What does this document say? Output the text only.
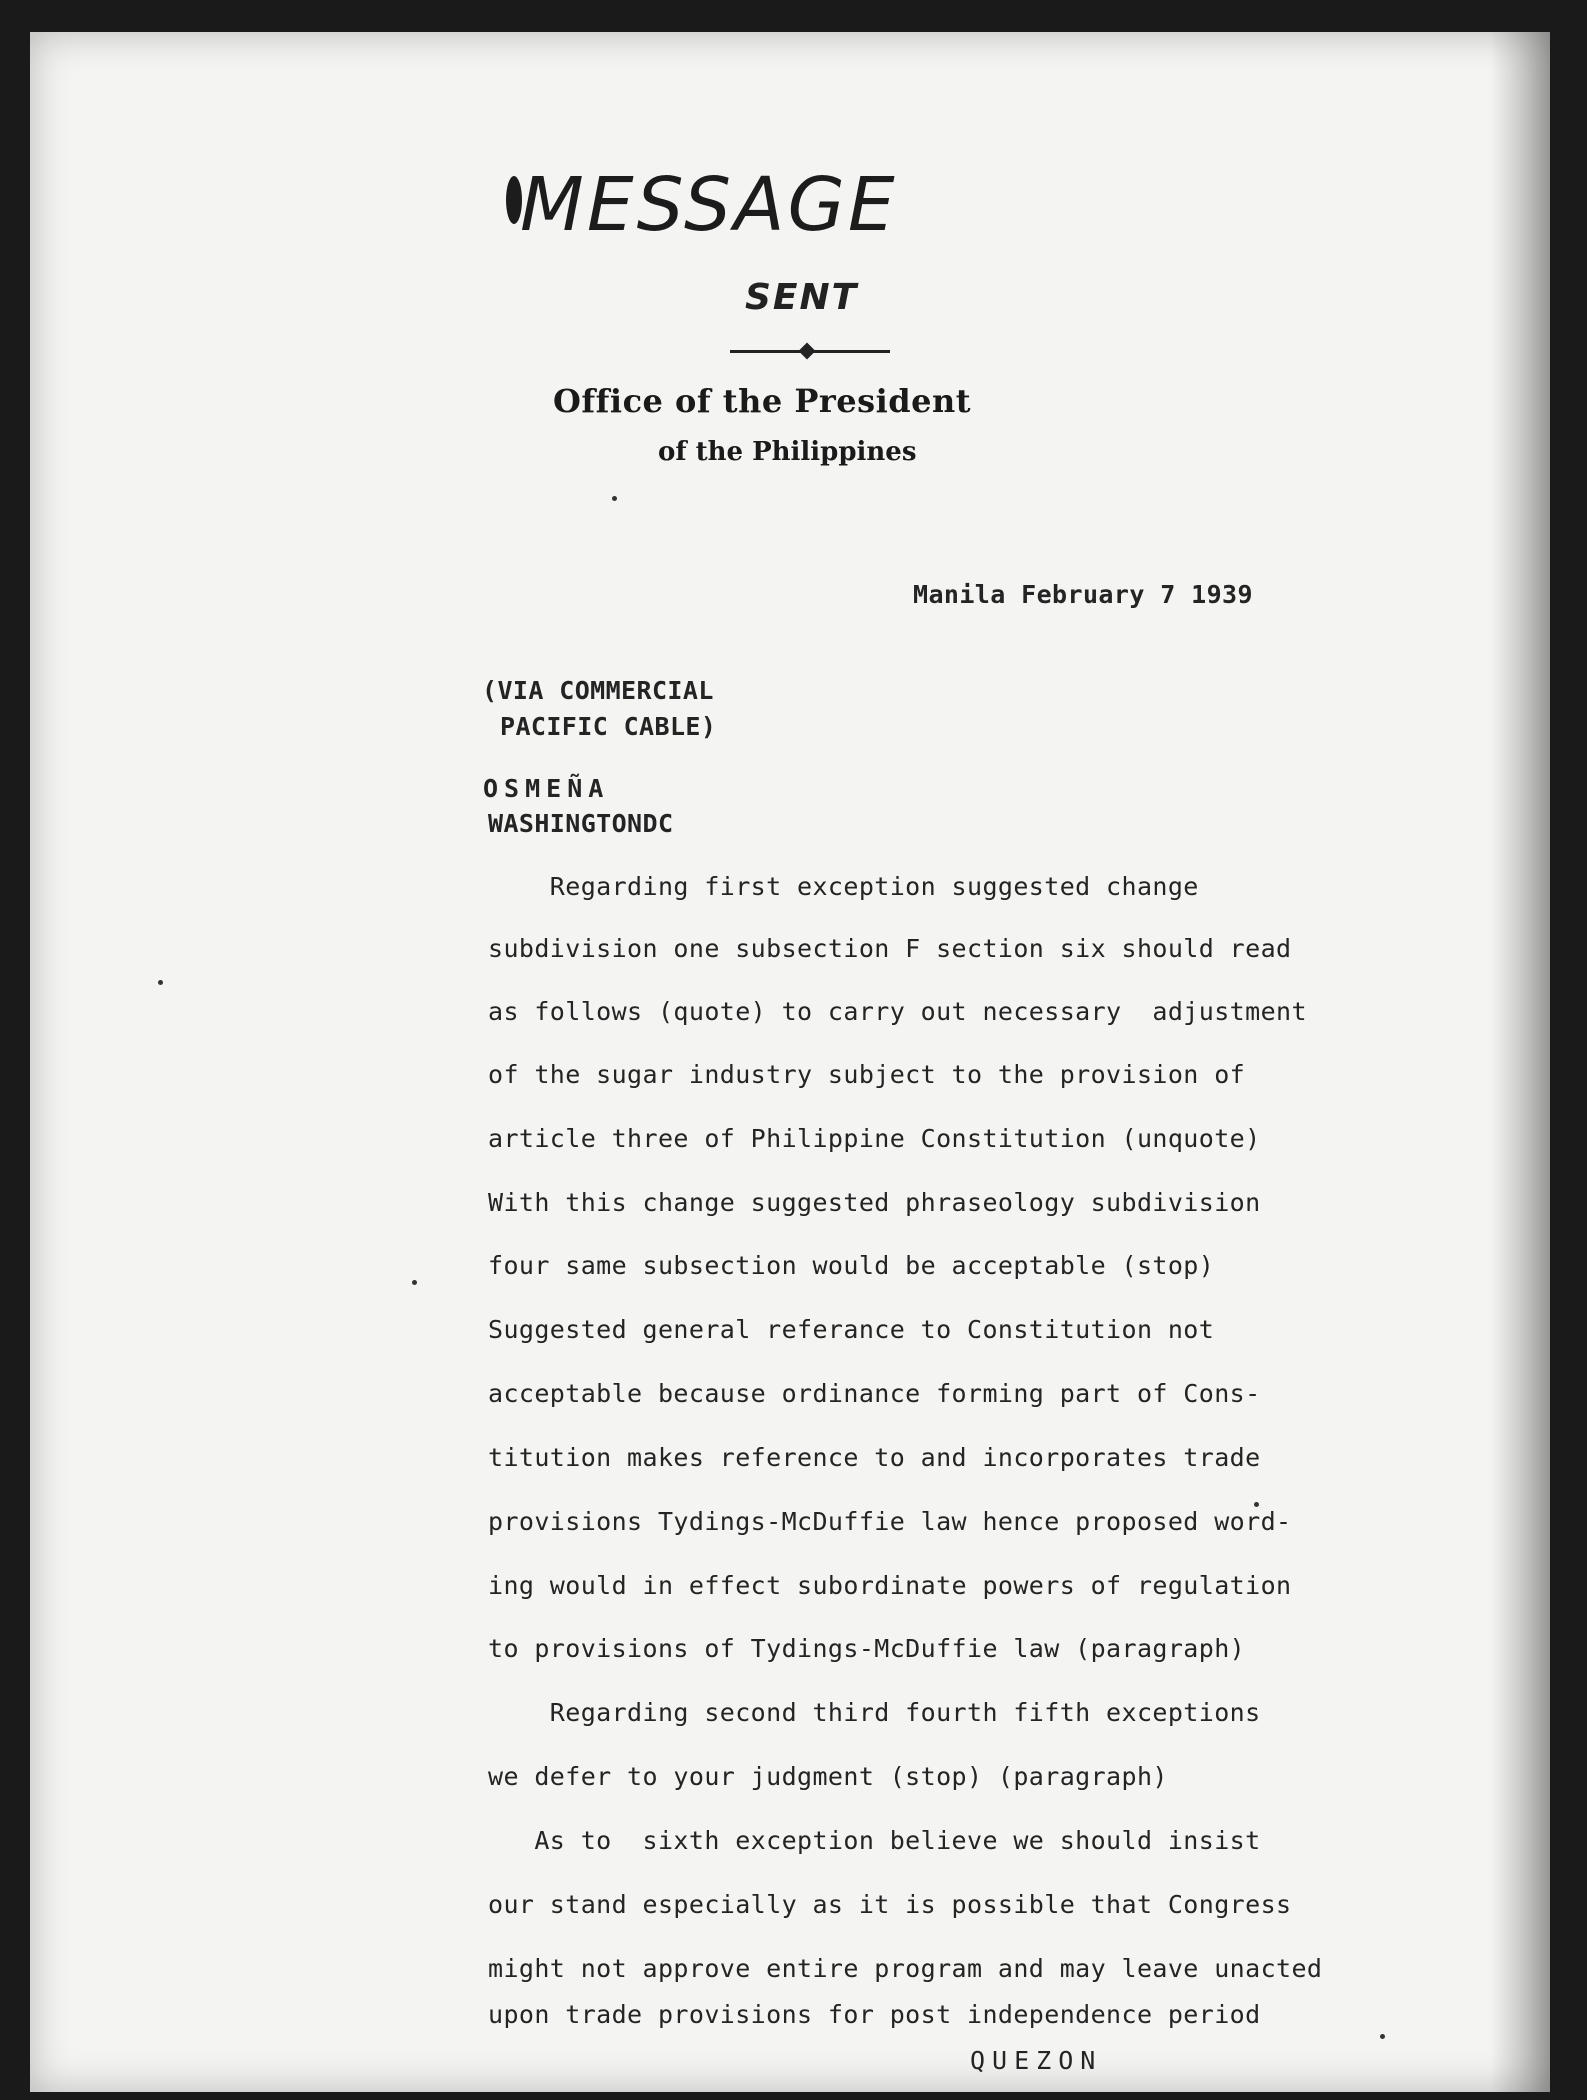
MESSAGE
SENT
Office of the President
of the Philippines
Manila February 7 1939
(VIA COMMERCIAL
PACIFIC CABLE)
OSMEÑA
WASHINGTONDC
Regarding first exception suggested change
subdivision one subsection F section six should read
as follows (quote) to carry out necessary  adjustment
of the sugar industry subject to the provision of
article three of Philippine Constitution (unquote)
With this change suggested phraseology subdivision
four same subsection would be acceptable (stop)
Suggested general referance to Constitution not
acceptable because ordinance forming part of Cons-
titution makes reference to and incorporates trade
provisions Tydings-McDuffie law hence proposed word-
ing would in effect subordinate powers of regulation
to provisions of Tydings-McDuffie law (paragraph)
Regarding second third fourth fifth exceptions
we defer to your judgment (stop) (paragraph)
As to  sixth exception believe we should insist
our stand especially as it is possible that Congress
might not approve entire program and may leave unacted
upon trade provisions for post independence period
QUEZON
